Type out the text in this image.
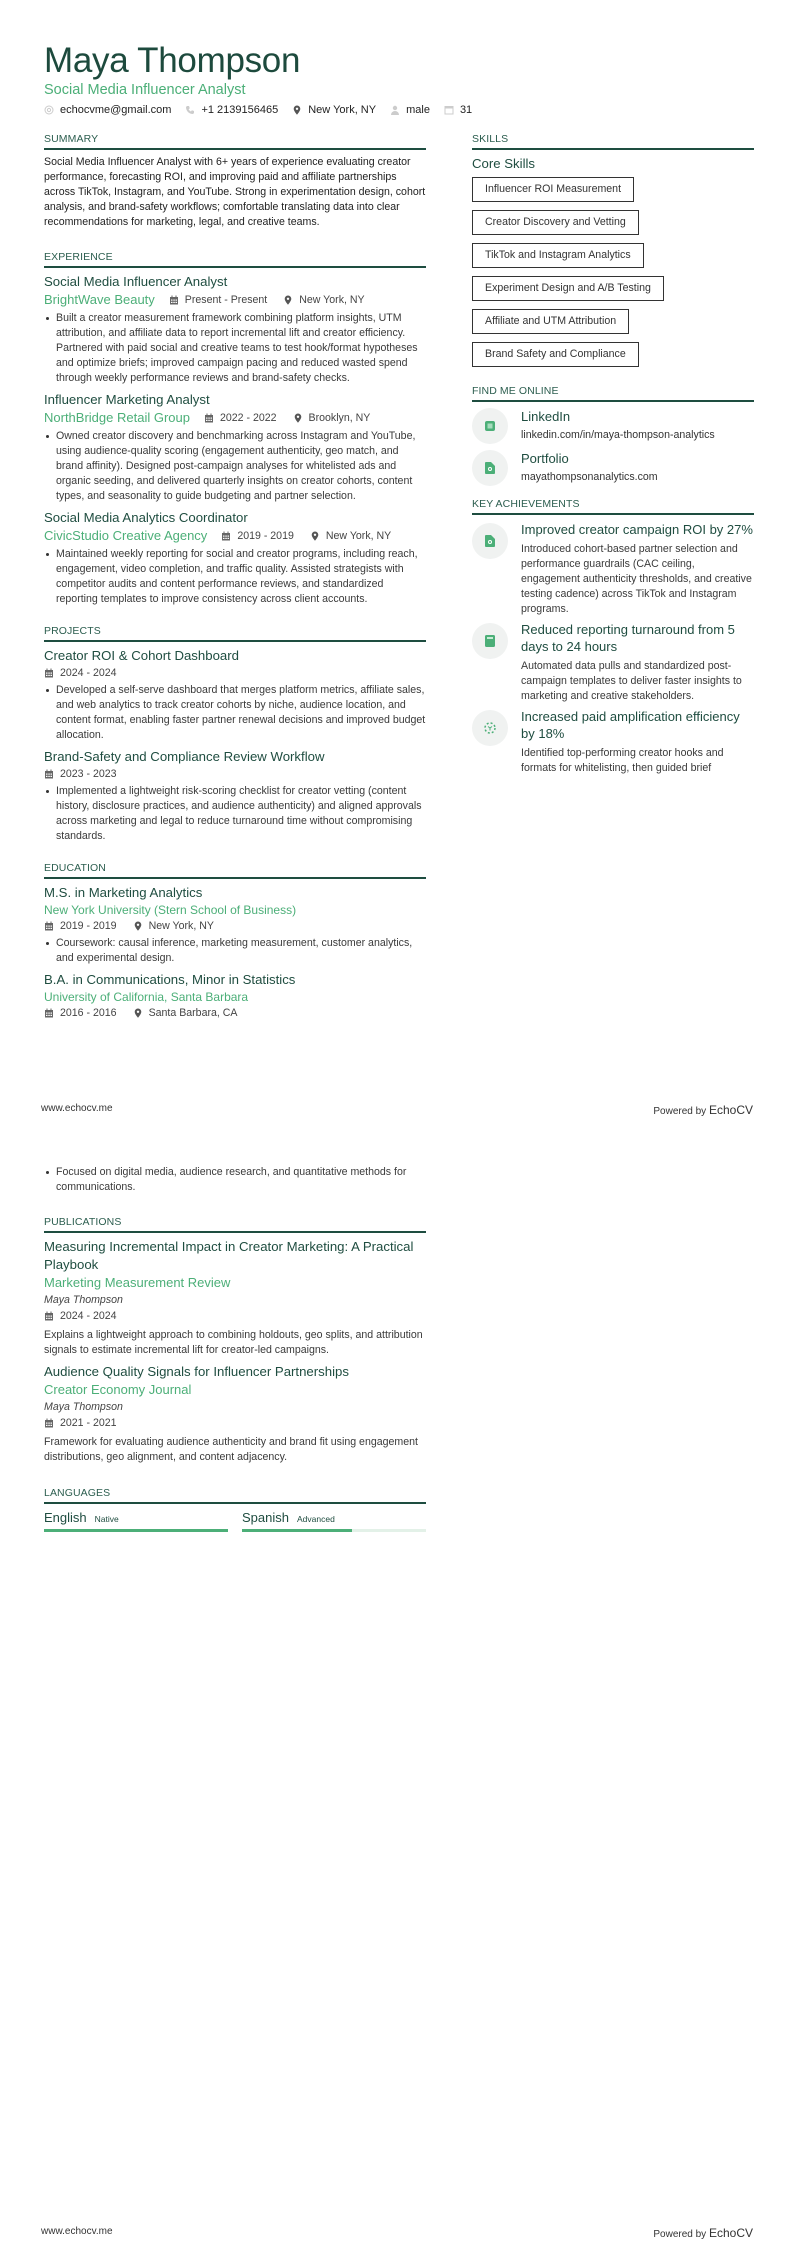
Maya Thompson
Social Media Influencer Analyst
echocvme@gmail.com	+1 2139156465	New York, NY	male	31
SUMMARY
Social Media Influencer Analyst with 6+ years of experience evaluating creator performance, forecasting ROI, and improving paid and affiliate partnerships across TikTok, Instagram, and YouTube. Strong in experimentation design, cohort analysis, and brand-safety workflows; comfortable translating data into clear recommendations for marketing, legal, and creative teams.
EXPERIENCE
Social Media Influencer Analyst
BrightWave Beauty	Present - Present	New York, NY
Built a creator measurement framework combining platform insights, UTM attribution, and affiliate data to report incremental lift and creator efficiency. Partnered with paid social and creative teams to test hook/format hypotheses and optimize briefs; improved campaign pacing and reduced wasted spend through weekly performance reviews and brand-safety checks.
Influencer Marketing Analyst
NorthBridge Retail Group	2022 - 2022	Brooklyn, NY
Owned creator discovery and benchmarking across Instagram and YouTube, using audience-quality scoring (engagement authenticity, geo match, and brand affinity). Designed post-campaign analyses for whitelisted ads and organic seeding, and delivered quarterly insights on creator cohorts, content types, and seasonality to guide budgeting and partner selection.
Social Media Analytics Coordinator
CivicStudio Creative Agency	2019 - 2019	New York, NY
Maintained weekly reporting for social and creator programs, including reach, engagement, video completion, and traffic quality. Assisted strategists with competitor audits and content performance reviews, and standardized reporting templates to improve consistency across client accounts.
PROJECTS
Creator ROI & Cohort Dashboard
2024 - 2024
Developed a self-serve dashboard that merges platform metrics, affiliate sales, and web analytics to track creator cohorts by niche, audience location, and content format, enabling faster partner renewal decisions and improved budget allocation.
Brand-Safety and Compliance Review Workflow
2023 - 2023
Implemented a lightweight risk-scoring checklist for creator vetting (content history, disclosure practices, and audience authenticity) and aligned approvals across marketing and legal to reduce turnaround time without compromising standards.
EDUCATION
M.S. in Marketing Analytics
New York University (Stern School of Business)
2019 - 2019	New York, NY
Coursework: causal inference, marketing measurement, customer analytics, and experimental design.
B.A. in Communications, Minor in Statistics
University of California, Santa Barbara
2016 - 2016	Santa Barbara, CA
SKILLS
Core Skills
Influencer ROI Measurement
Creator Discovery and Vetting
TikTok and Instagram Analytics
Experiment Design and A/B Testing
Affiliate and UTM Attribution
Brand Safety and Compliance
FIND ME ONLINE
LinkedIn
linkedin.com/in/maya-thompson-analytics
Portfolio
mayathompsonanalytics.com
KEY ACHIEVEMENTS
Improved creator campaign ROI by 27%
Introduced cohort-based partner selection and performance guardrails (CAC ceiling, engagement authenticity thresholds, and creative testing cadence) across TikTok and Instagram programs.
Reduced reporting turnaround from 5 days to 24 hours
Automated data pulls and standardized post-campaign templates to deliver faster insights to marketing and creative stakeholders.
Increased paid amplification efficiency by 18%
Identified top-performing creator hooks and formats for whitelisting, then guided brief
www.echocv.me	Powered by EchoCV
Focused on digital media, audience research, and quantitative methods for communications.
PUBLICATIONS
Measuring Incremental Impact in Creator Marketing: A Practical Playbook
Marketing Measurement Review
Maya Thompson
2024 - 2024
Explains a lightweight approach to combining holdouts, geo splits, and attribution signals to estimate incremental lift for creator-led campaigns.
Audience Quality Signals for Influencer Partnerships
Creator Economy Journal
Maya Thompson
2021 - 2021
Framework for evaluating audience authenticity and brand fit using engagement distributions, geo alignment, and content adjacency.
LANGUAGES
English Native	Spanish Advanced
www.echocv.me	Powered by EchoCV
